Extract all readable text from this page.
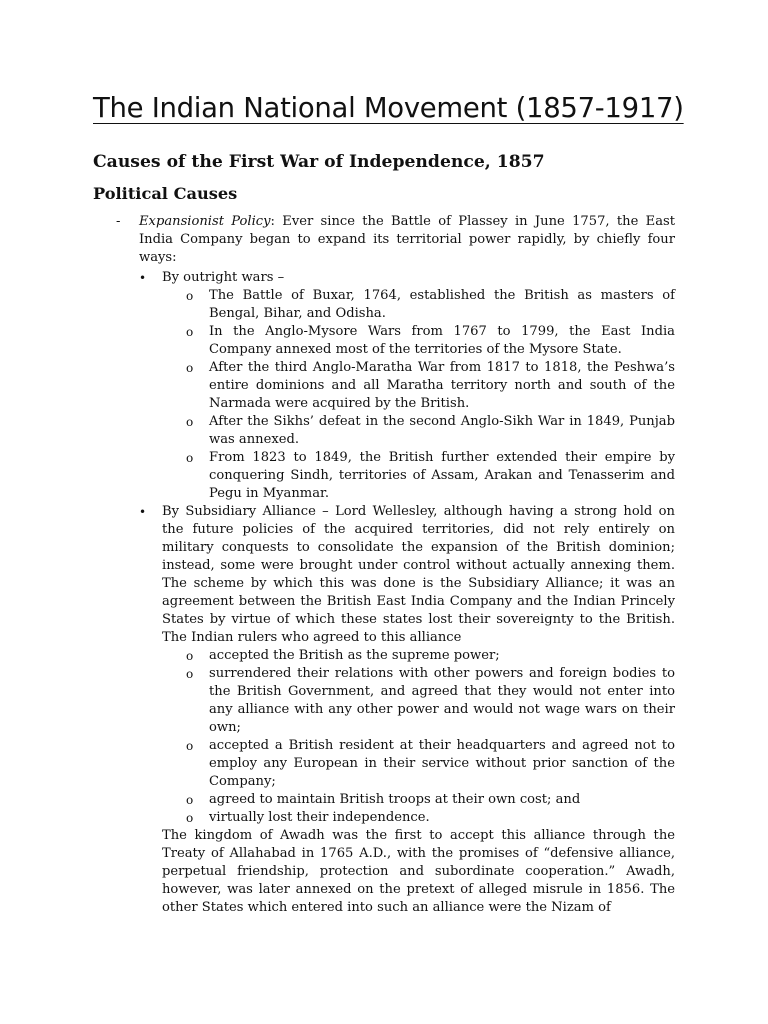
The Indian National Movement (1857-1917)
Causes of the First War of Independence, 1857
Political Causes
-	Expansionist Policy: Ever since the Battle of Plassey in June 1757, the East India Company began to expand its territorial power rapidly, by chiefly four ways:
•	By outright wars –
o	The Battle of Buxar, 1764, established the British as masters of Bengal, Bihar, and Odisha.
o	In the Anglo-Mysore Wars from 1767 to 1799, the East India Company annexed most of the territories of the Mysore State.
o	After the third Anglo-Maratha War from 1817 to 1818, the Peshwa’s entire dominions and all Maratha territory north and south of the Narmada were acquired by the British.
o	After the Sikhs’ defeat in the second Anglo-Sikh War in 1849, Punjab was annexed.
o	From 1823 to 1849, the British further extended their empire by conquering Sindh, territories of Assam, Arakan and Tenasserim and Pegu in Myanmar.
•	By Subsidiary Alliance – Lord Wellesley, although having a strong hold on the future policies of the acquired territories, did not rely entirely on military conquests to consolidate the expansion of the British dominion; instead, some were brought under control without actually annexing them. The scheme by which this was done is the Subsidiary Alliance; it was an agreement between the British East India Company and the Indian Princely States by virtue of which these states lost their sovereignty to the British. The Indian rulers who agreed to this alliance
o	accepted the British as the supreme power;
o	surrendered their relations with other powers and foreign bodies to the British Government, and agreed that they would not enter into any alliance with any other power and would not wage wars on their own;
o	accepted a British resident at their headquarters and agreed not to employ any European in their service without prior sanction of the Company;
o	agreed to maintain British troops at their own cost; and
o	virtually lost their independence.
The kingdom of Awadh was the first to accept this alliance through the Treaty of Allahabad in 1765 A.D., with the promises of “defensive alliance, perpetual friendship, protection and subordinate cooperation.” Awadh, however, was later annexed on the pretext of alleged misrule in 1856. The other States which entered into such an alliance were the Nizam of
